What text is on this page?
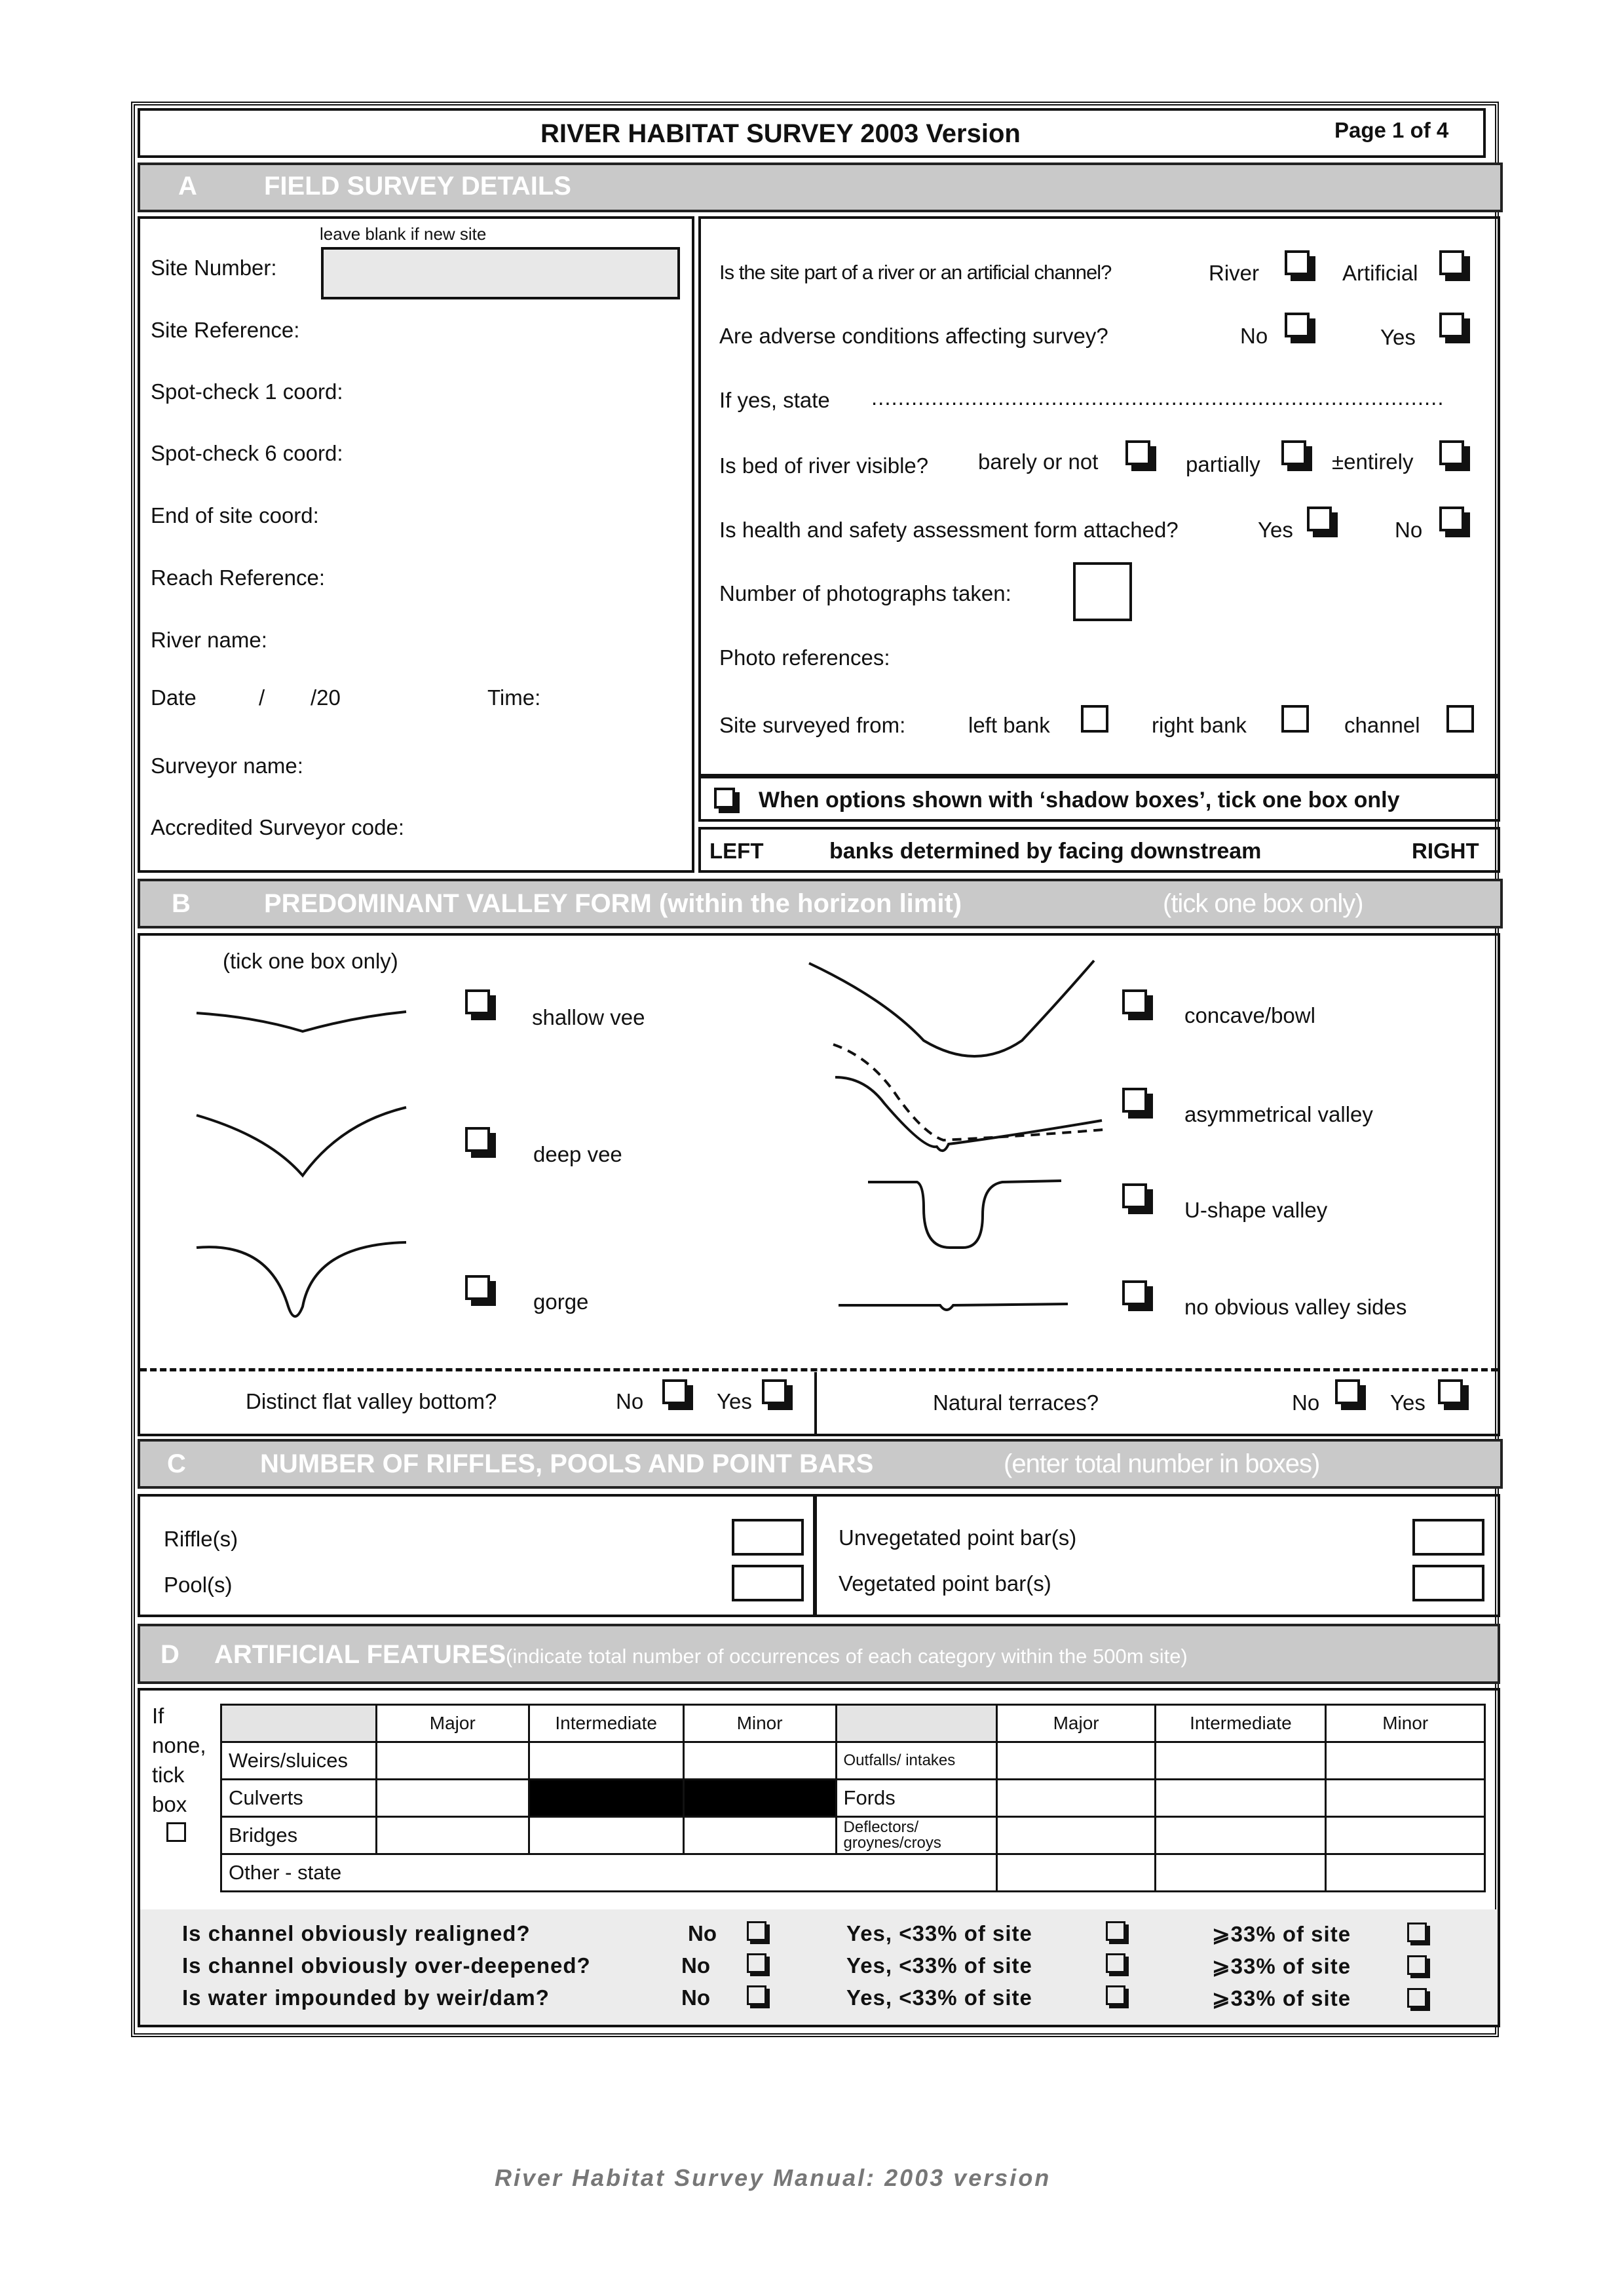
RIVER HABITAT SURVEY 2003 Version	Page 1 of 4
A	FIELD SURVEY DETAILS
leave blank if new site
Site Number:
Site Reference:
Spot-check 1 coord:
Spot-check 6 coord:
End of site coord:
Reach Reference:
River name:
Date	/ /20	Time:
Surveyor name:
Accredited Surveyor code:
Is the site part of a river or an artificial channel?	River	Artificial
Are adverse conditions affecting survey?	No	Yes
If yes, state ......................................................................................
Is bed of river visible? barely or not	partially	±entirely
Is health and safety assessment form attached?	Yes	No
Number of photographs taken:
Photo references:
Site surveyed from:	left bank	right bank	channel
When options shown with ‘shadow boxes’, tick one box only
LEFT	banks determined by facing downstream	RIGHT
B	PREDOMINANT VALLEY FORM (within the horizon limit)	(tick one box only)
(tick one box only)
shallow vee
deep vee
gorge
concave/bowl
asymmetrical valley
U-shape valley
no obvious valley sides
Distinct flat valley bottom?	No	Yes	Natural terraces?	No	Yes
C	NUMBER OF RIFFLES, POOLS AND POINT BARS	(enter total number in boxes)
Riffle(s)
Pool(s)
Unvegetated point bar(s)
Vegetated point bar(s)
D ARTIFICIAL FEATURES (indicate total number of occurrences of each category within the 500m site)
If
none,
tick
box
	Major	Intermediate	Minor		Major	Intermediate	Minor
Weirs/sluices				Outfalls/ intakes			
Culverts				Fords			
Bridges				Deflectors/ groynes/croys			
Other - state							
Is channel obviously realigned?	No	Yes, <33% of site	⩾33% of site
Is channel obviously over-deepened?	No	Yes, <33% of site	⩾33% of site
Is water impounded by weir/dam?	No	Yes, <33% of site	⩾33% of site
River Habitat Survey Manual: 2003 version
